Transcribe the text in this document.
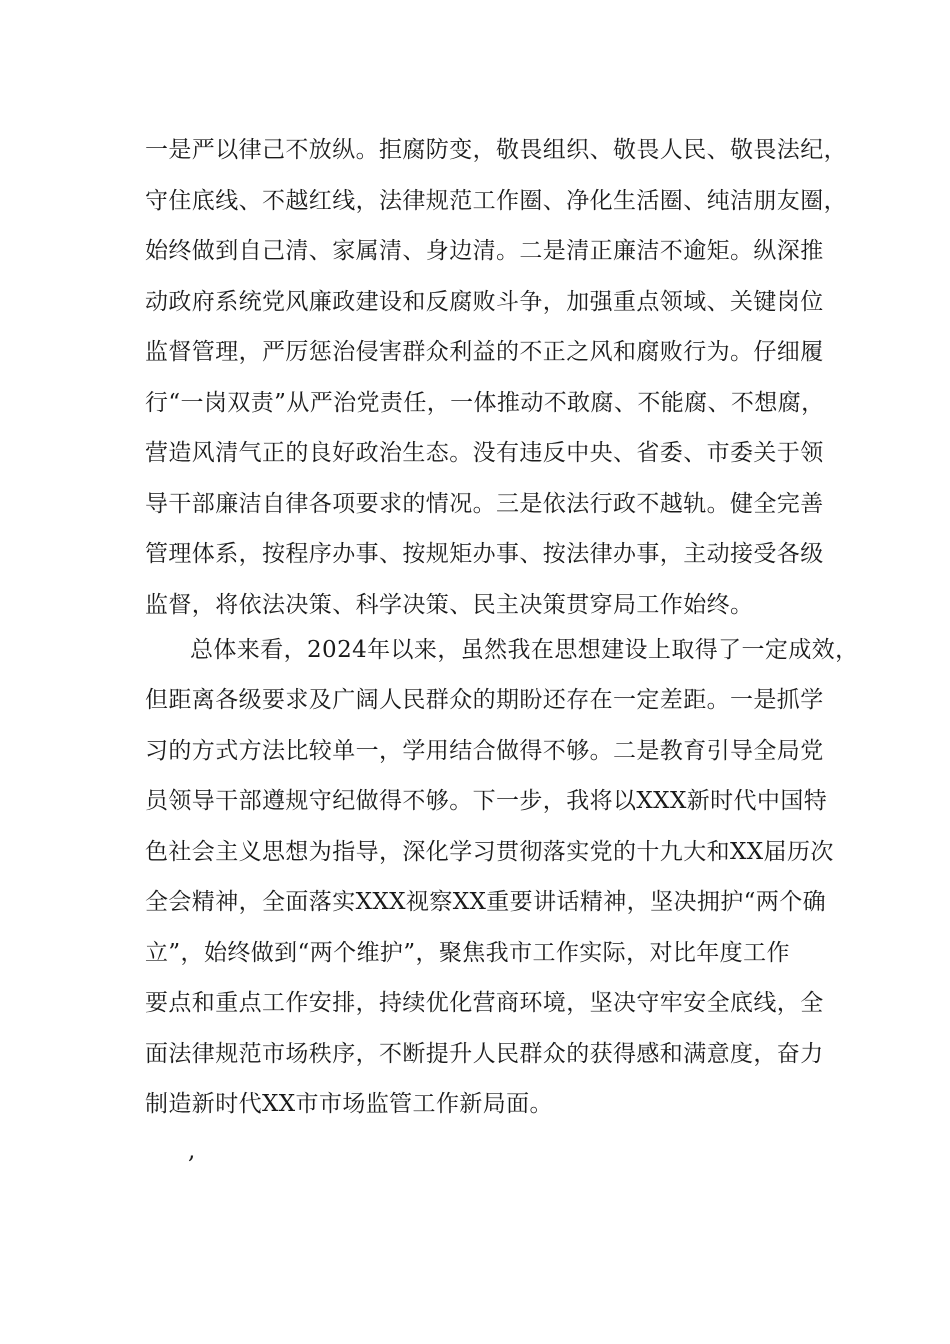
一是严以律己不放纵。拒腐防变，敬畏组织、敬畏人民、敬畏法纪，
守住底线、不越红线，法律规范工作圈、净化生活圈、纯洁朋友圈，
始终做到自己清、家属清、身边清。二是清正廉洁不逾矩。纵深推
动政府系统党风廉政建设和反腐败斗争，加强重点领域、关键岗位
监督管理，严厉惩治侵害群众利益的不正之风和腐败行为。仔细履
行“一岗双责”从严治党责任，一体推动不敢腐、不能腐、不想腐，
营造风清气正的良好政治生态。没有违反中央、省委、市委关于领
导干部廉洁自律各项要求的情况。三是依法行政不越轨。健全完善
管理体系，按程序办事、按规矩办事、按法律办事，主动接受各级
监督，将依法决策、科学决策、民主决策贯穿局工作始终。
总体来看，2024年以来，虽然我在思想建设上取得了一定成效，
但距离各级要求及广阔人民群众的期盼还存在一定差距。一是抓学
习的方式方法比较单一，学用结合做得不够。二是教育引导全局党
员领导干部遵规守纪做得不够。下一步，我将以XXX新时代中国特
色社会主义思想为指导，深化学习贯彻落实党的十九大和XX届历次
全会精神，全面落实XXX视察XX重要讲话精神，坚决拥护“两个确
立”，始终做到“两个维护”，聚焦我市工作实际，对比年度工作
要点和重点工作安排，持续优化营商环境，坚决守牢安全底线，全
面法律规范市场秩序，不断提升人民群众的获得感和满意度，奋力
制造新时代XX市市场监管工作新局面。
,
